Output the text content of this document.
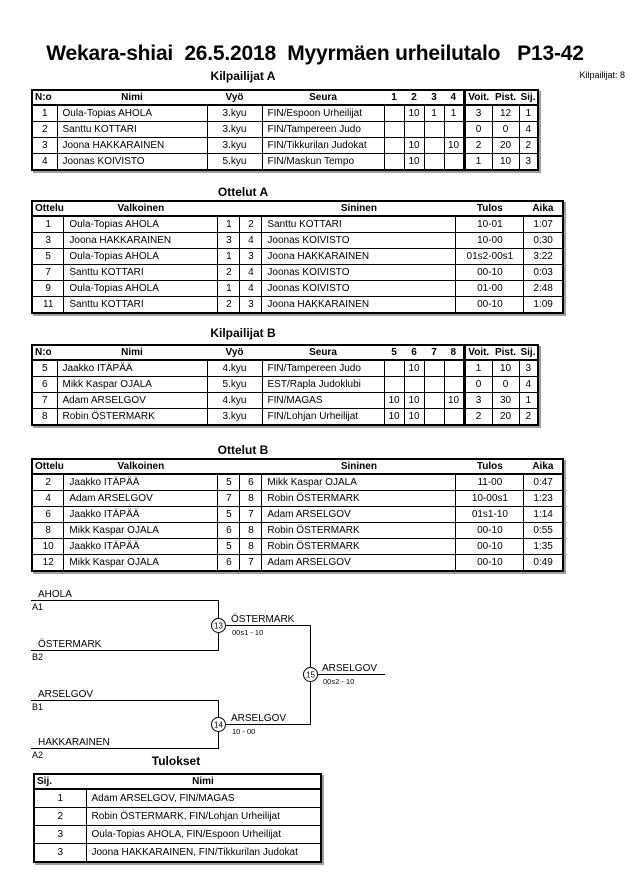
Wekara-shiai  26.5.2018  Myyrmäen urheilutalo   P13-42
Kilpailijat A	Kilpailijat: 8
N:o	Nimi	Vyö	Seura	1	2	3	4	Voit.	Pist.	Sij.
1	Oula-Topias AHOLA	3.kyu	FIN/Espoon Urheilijat		10	1	1	3	12	1
2	Santtu KOTTARI	3.kyu	FIN/Tampereen Judo					0	0	4
3	Joona HAKKARAINEN	3.kyu	FIN/Tikkurilan Judokat		10		10	2	20	2
4	Joonas KOIVISTO	5.kyu	FIN/Maskun Tempo		10			1	10	3
Ottelut A
Ottelu	Valkoinen			Sininen	Tulos	Aika
1	Oula-Topias AHOLA	1	2	Santtu KOTTARI	10-01	1:07
3	Joona HAKKARAINEN	3	4	Joonas KOIVISTO	10-00	0:30
5	Oula-Topias AHOLA	1	3	Joona HAKKARAINEN	01s2-00s1	3:22
7	Santtu KOTTARI	2	4	Joonas KOIVISTO	00-10	0:03
9	Oula-Topias AHOLA	1	4	Joonas KOIVISTO	01-00	2:48
11	Santtu KOTTARI	2	3	Joona HAKKARAINEN	00-10	1:09
Kilpailijat B
N:o	Nimi	Vyö	Seura	5	6	7	8	Voit.	Pist.	Sij.
5	Jaakko ITÄPÄÄ	4.kyu	FIN/Tampereen Judo		10			1	10	3
6	Mikk Kaspar OJALA	5.kyu	EST/Rapla Judoklubi					0	0	4
7	Adam ARSELGOV	4.kyu	FIN/MAGAS	10	10		10	3	30	1
8	Robin ÖSTERMARK	3.kyu	FIN/Lohjan Urheilijat	10	10			2	20	2
Ottelut B
Ottelu	Valkoinen			Sininen	Tulos	Aika
2	Jaakko ITÄPÄÄ	5	6	Mikk Kaspar OJALA	11-00	0:47
4	Adam ARSELGOV	7	8	Robin ÖSTERMARK	10-00s1	1:23
6	Jaakko ITÄPÄÄ	5	7	Adam ARSELGOV	01s1-10	1:14
8	Mikk Kaspar OJALA	6	8	Robin ÖSTERMARK	00-10	0:55
10	Jaakko ITÄPÄÄ	5	8	Robin ÖSTERMARK	00-10	1:35
12	Mikk Kaspar OJALA	6	7	Adam ARSELGOV	00-10	0:49
AHOLA
A1
ÖSTERMARK
B2
ARSELGOV
B1
HAKKARAINEN
A2
13
ÖSTERMARK
00s1 - 10
14
ARSELGOV
10 - 00
15
ARSELGOV
00s2 - 10
Tulokset
Sij.	Nimi
1	Adam ARSELGOV, FIN/MAGAS
2	Robin ÖSTERMARK, FIN/Lohjan Urheilijat
3	Oula-Topias AHOLA, FIN/Espoon Urheilijat
3	Joona HAKKARAINEN, FIN/Tikkurilan Judokat
